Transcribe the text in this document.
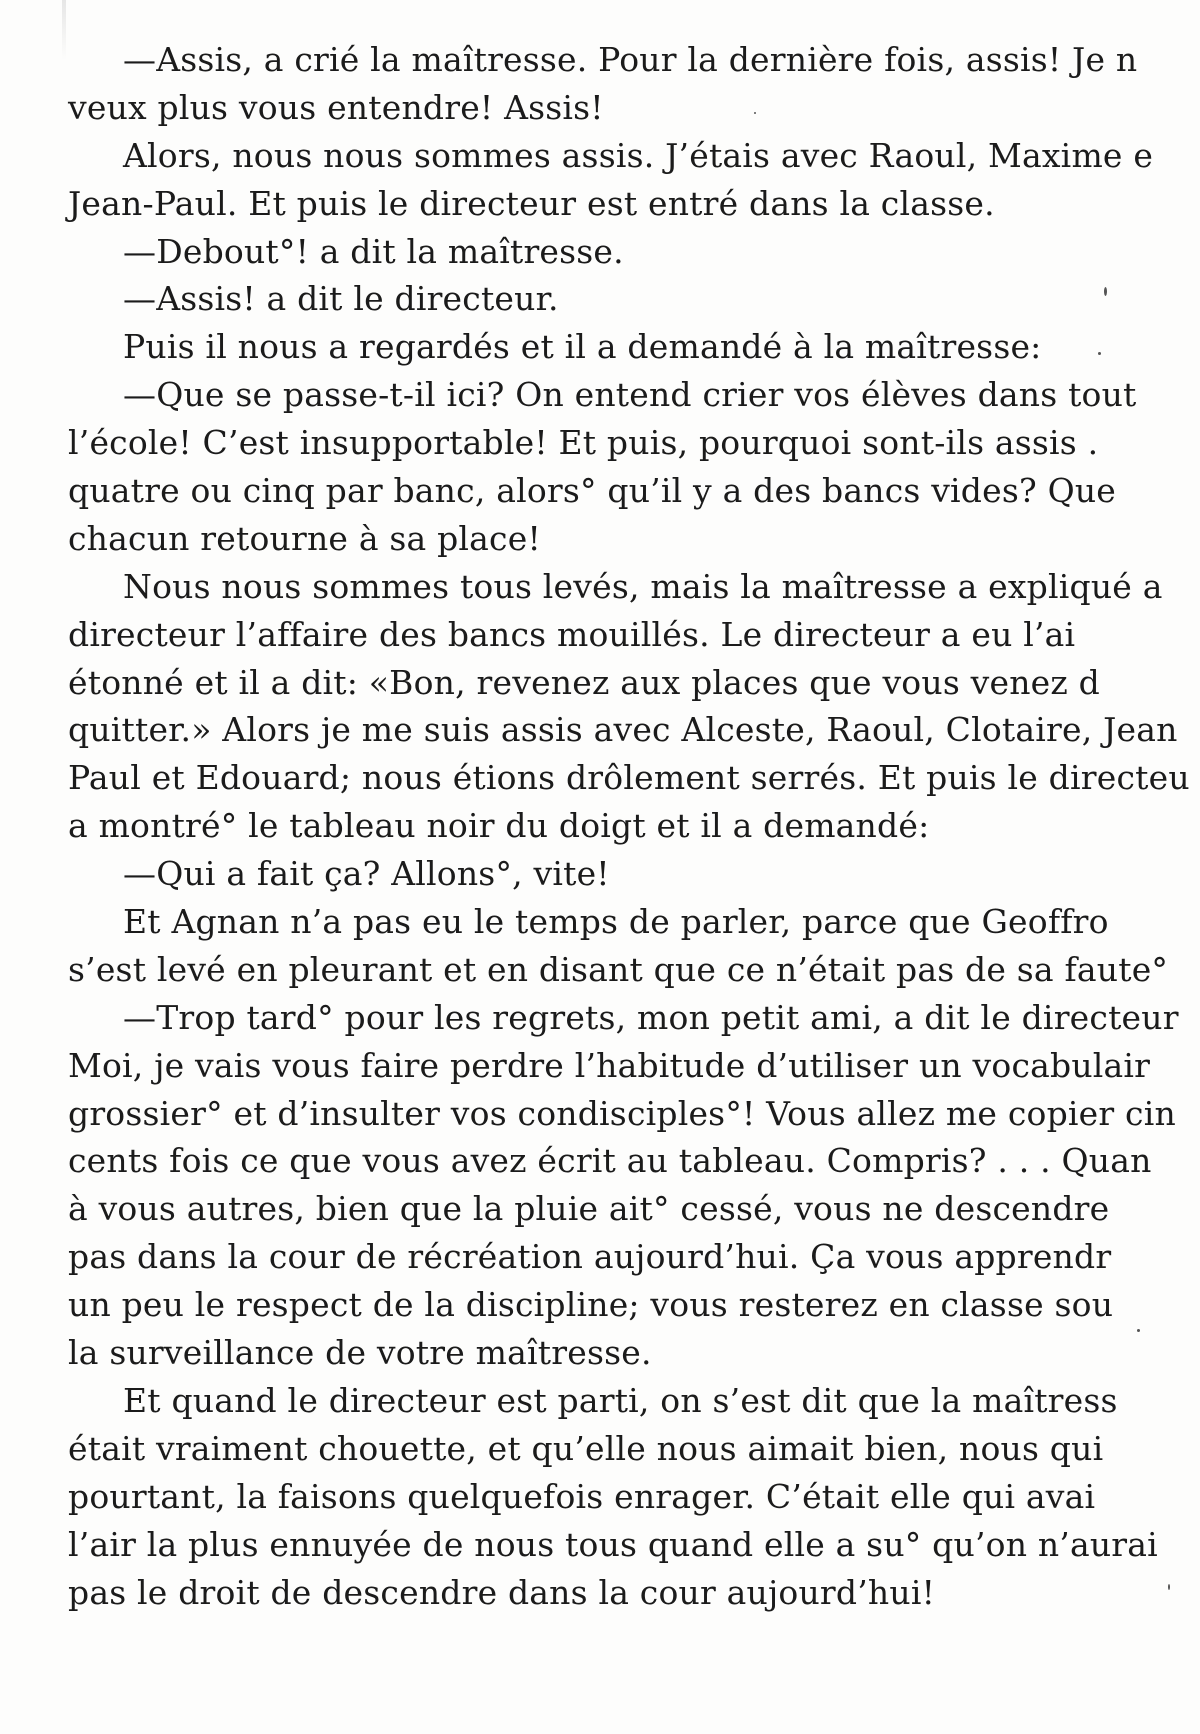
—Assis, a crié la maîtresse. Pour la dernière fois, assis! Je n
veux plus vous entendre! Assis!
Alors, nous nous sommes assis. J’étais avec Raoul, Maxime e
Jean-Paul. Et puis le directeur est entré dans la classe.
—Debout°! a dit la maîtresse.
—Assis! a dit le directeur.
Puis il nous a regardés et il a demandé à la maîtresse:
—Que se passe-t-il ici? On entend crier vos élèves dans tout
l’école! C’est insupportable! Et puis, pourquoi sont-ils assis .
quatre ou cinq par banc, alors° qu’il y a des bancs vides? Que
chacun retourne à sa place!
Nous nous sommes tous levés, mais la maîtresse a expliqué a
directeur l’affaire des bancs mouillés. Le directeur a eu l’ai
étonné et il a dit: «Bon, revenez aux places que vous venez d
quitter.» Alors je me suis assis avec Alceste, Raoul, Clotaire, Jean
Paul et Edouard; nous étions drôlement serrés. Et puis le directeu
a montré° le tableau noir du doigt et il a demandé:
—Qui a fait ça? Allons°, vite!
Et Agnan n’a pas eu le temps de parler, parce que Geoffro
s’est levé en pleurant et en disant que ce n’était pas de sa faute°
—Trop tard° pour les regrets, mon petit ami, a dit le directeur
Moi, je vais vous faire perdre l’habitude d’utiliser un vocabulair
grossier° et d’insulter vos condisciples°! Vous allez me copier cin
cents fois ce que vous avez écrit au tableau. Compris? . . . Quan
à vous autres, bien que la pluie ait° cessé, vous ne descendre
pas dans la cour de récréation aujourd’hui. Ça vous apprendr
un peu le respect de la discipline; vous resterez en classe sou
la surveillance de votre maîtresse.
Et quand le directeur est parti, on s’est dit que la maîtress
était vraiment chouette, et qu’elle nous aimait bien, nous qui
pourtant, la faisons quelquefois enrager. C’était elle qui avai
l’air la plus ennuyée de nous tous quand elle a su° qu’on n’aurai
pas le droit de descendre dans la cour aujourd’hui!
